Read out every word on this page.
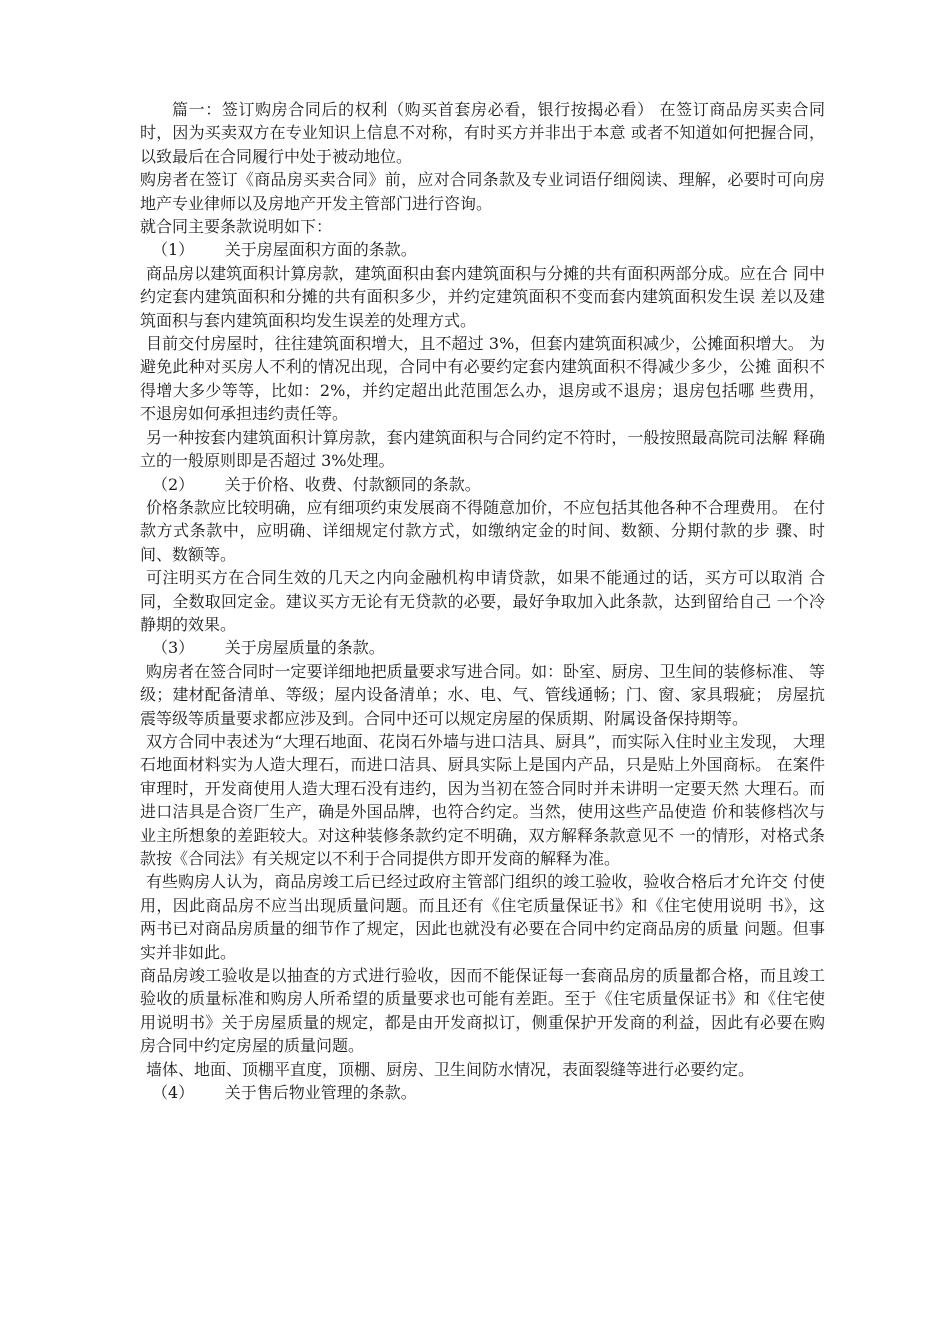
篇一：签订购房合同后的权利（购买首套房必看，银行按揭必看） 在签订商品房买卖合同时，因为买卖双方在专业知识上信息不对称，有时买方并非出于本意 或者不知道如何把握合同，以致最后在合同履行中处于被动地位。

购房者在签订《商品房买卖合同》前，应对合同条款及专业词语仔细阅读、理解，必要时可向房地产专业律师以及房地产开发主管部门进行咨询。

就合同主要条款说明如下：

（1）      关于房屋面积方面的条款。

商品房以建筑面积计算房款，建筑面积由套内建筑面积与分摊的共有面积两部分成。应在合 同中约定套内建筑面积和分摊的共有面积多少，并约定建筑面积不变而套内建筑面积发生误 差以及建筑面积与套内建筑面积均发生误差的处理方式。

目前交付房屋时，往往建筑面积增大，且不超过 3%，但套内建筑面积减少，公摊面积增大。 为避免此种对买房人不利的情况出现，合同中有必要约定套内建筑面积不得减少多少，公摊 面积不得增大多少等等，比如：2%，并约定超出此范围怎么办，退房或不退房；退房包括哪 些费用，不退房如何承担违约责任等。

另一种按套内建筑面积计算房款，套内建筑面积与合同约定不符时，一般按照最高院司法解 释确立的一般原则即是否超过 3%处理。

（2）      关于价格、收费、付款额同的条款。

价格条款应比较明确，应有细项约束发展商不得随意加价，不应包括其他各种不合理费用。 在付款方式条款中，应明确、详细规定付款方式，如缴纳定金的时间、数额、分期付款的步 骤、时间、数额等。

可注明买方在合同生效的几天之内向金融机构申请贷款，如果不能通过的话，买方可以取消 合同，全数取回定金。建议买方无论有无贷款的必要，最好争取加入此条款，达到留给自己 一个冷静期的效果。

（3）      关于房屋质量的条款。

购房者在签合同时一定要详细地把质量要求写进合同。如：卧室、厨房、卫生间的装修标准、 等级；建材配备清单、等级；屋内设备清单；水、电、气、管线通畅；门、窗、家具瑕疵； 房屋抗震等级等质量要求都应涉及到。合同中还可以规定房屋的保质期、附属设备保持期等。

双方合同中表述为“大理石地面、花岗石外墙与进口洁具、厨具”，而实际入住时业主发现， 大理石地面材料实为人造大理石，而进口洁具、厨具实际上是国内产品，只是贴上外国商标。 在案件审理时，开发商使用人造大理石没有违约，因为当初在签合同时并未讲明一定要天然 大理石。而进口洁具是合资厂生产，确是外国品牌，也符合约定。当然，使用这些产品使造 价和装修档次与业主所想象的差距较大。对这种装修条款约定不明确，双方解释条款意见不 一的情形，对格式条款按《合同法》有关规定以不利于合同提供方即开发商的解释为准。

有些购房人认为，商品房竣工后已经过政府主管部门组织的竣工验收，验收合格后才允许交 付使用，因此商品房不应当出现质量问题。而且还有《住宅质量保证书》和《住宅使用说明 书》，这两书已对商品房质量的细节作了规定，因此也就没有必要在合同中约定商品房的质量 问题。但事实并非如此。

商品房竣工验收是以抽查的方式进行验收，因而不能保证每一套商品房的质量都合格，而且竣工验收的质量标准和购房人所希望的质量要求也可能有差距。至于《住宅质量保证书》和《住宅使用说明书》关于房屋质量的规定，都是由开发商拟订，侧重保护开发商的利益，因此有必要在购房合同中约定房屋的质量问题。

墙体、地面、顶棚平直度，顶棚、厨房、卫生间防水情况，表面裂缝等进行必要约定。

（4）      关于售后物业管理的条款。
